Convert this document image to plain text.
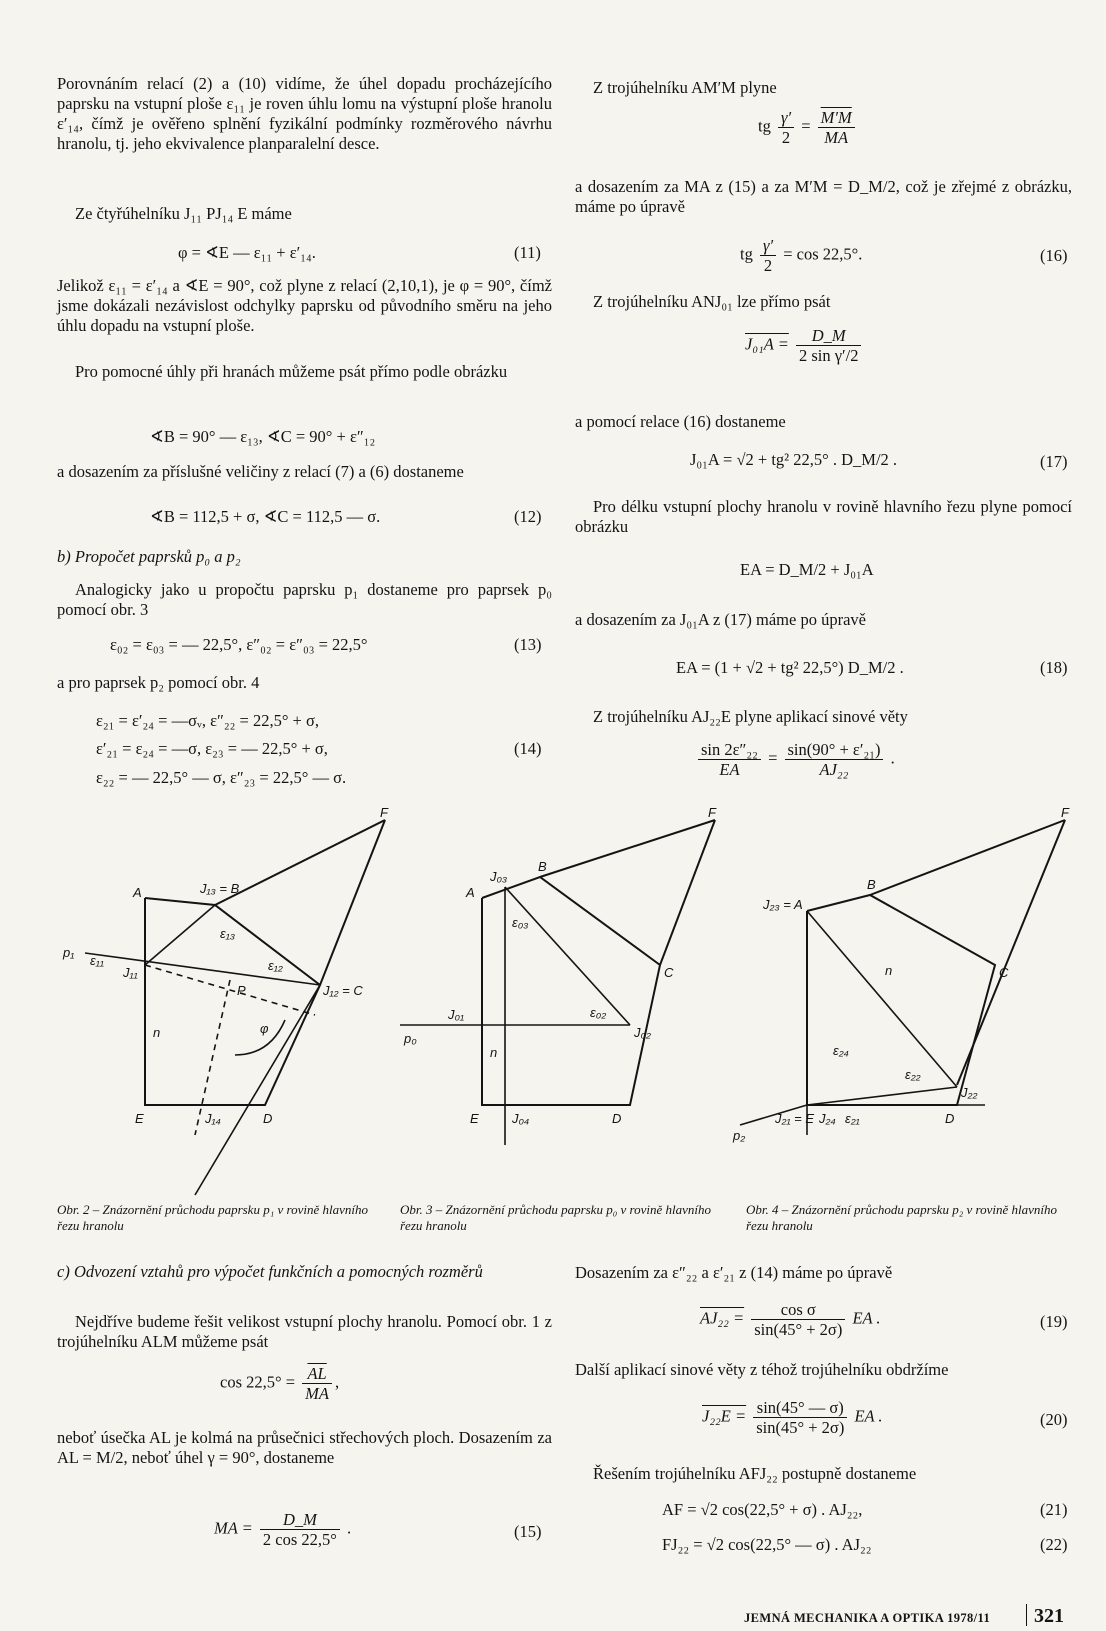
Porovnáním relací (2) a (10) vidíme, že úhel dopadu procházejícího paprsku na vstupní ploše ε₁₁ je roven úhlu lomu na výstupní ploše hranolu ε′₁₄, čímž je ověřeno splnění fyzikální podmínky rozměrového návrhu hranolu, tj. jeho ekvivalence planparalelní desce.

Ze čtyřúhelníku J₁₁ PJ₁₄ E máme

φ = ∢E — ε₁₁ + ε′₁₄.	(11)

Jelikož ε₁₁ = ε′₁₄ a ∢E = 90°, což plyne z relací (2,10,1), je φ = 90°, čímž jsme dokázali nezávislost odchylky paprsku od původního směru na jeho úhlu dopadu na vstupní ploše.

Pro pomocné úhly při hranách můžeme psát přímo podle obrázku

∢B = 90° — ε₁₃, ∢C = 90° + ε″₁₂

a dosazením za příslušné veličiny z relací (7) a (6) dostaneme

∢B = 112,5 + σ, ∢C = 112,5 — σ.	(12)
b) Propočet paprsků p₀ a p₂

Analogicky jako u propočtu paprsku p₁ dostaneme pro paprsek p₀ pomocí obr. 3

ε₀₂ = ε₀₃ = — 22,5°, ε″₀₂ = ε″₀₃ = 22,5°	(13)

a pro paprsek p₂ pomocí obr. 4

ε₂₁ = ε′₂₄ = —σᵥ, ε″₂₂ = 22,5° + σ,
ε′₂₁ = ε₂₄ = —σ, ε₂₃ = — 22,5° + σ,
ε₂₂ = — 22,5° — σ, ε″₂₃ = 22,5° — σ.
(14)
F
A	J₁₃ = B
J₁₂ = C
D
E
J₁₁
J₁₄
P
n
p₁
ε₁₁
ε₁₃
ε₁₂
φ
F
A
B
C
D
E
J₀₁
J₀₂
J₀₃
J₀₄
n
p₀
ε₀₂
ε₀₃
F
J₂₃ = A
B
C
D
J₂₁ = E
J₂₂
J₂₄
n
p₂
ε₂₁
ε₂₂
ε₂₄
Obr. 2 – Znázornění průchodu paprsku p₁ v rovině hlavního řezu hranolu
Obr. 3 – Znázornění průchodu paprsku p₀ v rovině hlavního řezu hranolu
Obr. 4 – Znázornění průchodu paprsku p₂ v rovině hlavního řezu hranolu
c) Odvození vztahů pro výpočet funkčních a pomocných rozměrů

Nejdříve budeme řešit velikost vstupní plochy hranolu. Pomocí obr. 1 z trojúhelníku ALM můžeme psát

$\cos 22,5^\circ = \frac{\overline{AL}}{MA}$ ,

neboť úsečka AL je kolmá na průsečnici střechových ploch. Dosazením za AL = M/2, neboť úhel γ = 90°, dostaneme

MA = $\frac{D\_M}{2 \cos 22,5^\circ}$ .	(15)

Z trojúhelníku AM′M plyne

tg $\frac{\gamma'}{2} = \frac{M'M}{MA}$

a dosazením za MA z (15) a za M′M = D_M/2, což je zřejmé z obrázku, máme po úpravě

tg $\frac{\gamma'}{2} = \cos 22,5^\circ$.	(16)

Z trojúhelníku ANJ₀₁ lze přímo psát

$J_{01}A = \frac{D\_M}{\text{2 sin γ′/2}}$

a pomocí relace (16) dostaneme

J₀₁A = √2 + tg² 22,5° . D_M/2 .	(17)

Pro délku vstupní plochy hranolu v rovině hlavního řezu plyne pomocí obrázku

EA = D_M/2 + J₀₁A

a dosazením za J₀₁A z (17) máme po úpravě

EA = (1 + √2 + tg² 22,5°) D_M/2 .	(18)

Z trojúhelníku AJ₂₂E plyne aplikací sinové věty

$\frac{\text{sin 2ε″₂₂}}{EA} = \frac{\text{sin(90° + ε′₂₁)}}{\text{AJ₂₂}}$ .

Dosazením za ε″₂₂ a ε′₂₁ z (14) máme po úpravě

$AJ_{22} = \frac{\text{cos σ}}{\sin(45^\circ + 2\sigma)}$ EA .	(19)

Další aplikací sinové věty z téhož trojúhelníku obdržíme

$J_{22}E = \frac{\sin(45^\circ — \sigma)}{\sin(45^\circ + 2\sigma)}$ EA .	(20)

Řešením trojúhelníku AFJ₂₂ postupně dostaneme

AF = √2 cos(22,5° + σ) . AJ₂₂,	(21)
FJ₂₂ = √2 cos(22,5° — σ) . AJ₂₂	(22)
JEMNÁ MECHANIKA A OPTIKA 1978/11 321
